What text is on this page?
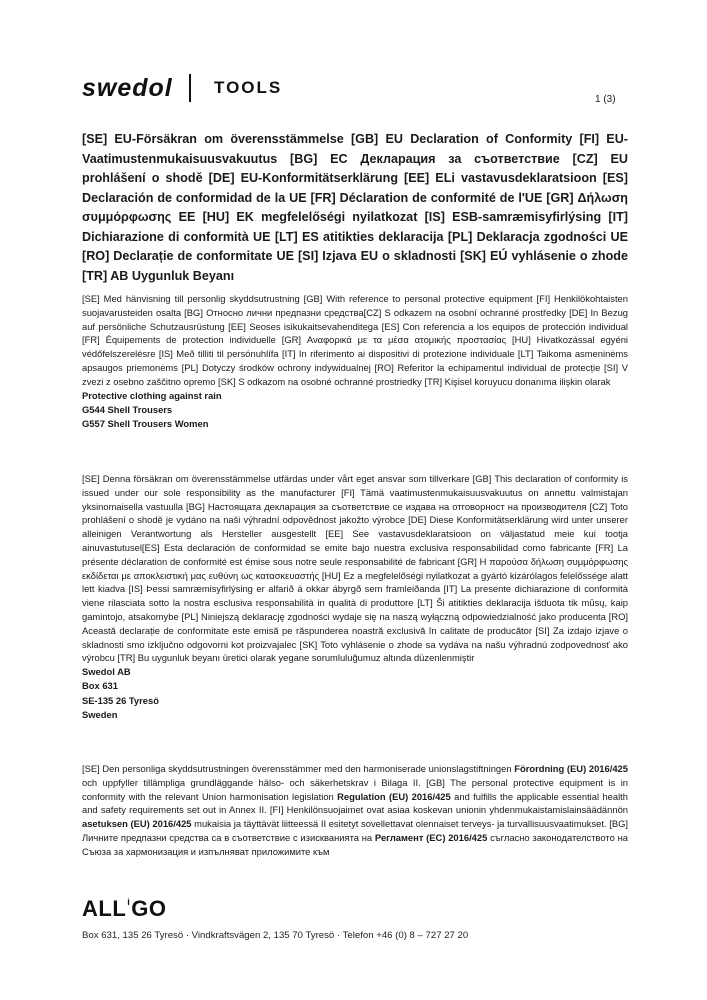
swedol TOOLS
1 (3)
[SE] EU-Försäkran om överensstämmelse [GB] EU Declaration of Conformity [FI] EU-Vaatimustenmukaisuusvakuutus [BG] ЕС Декларация за съответствие [CZ] EU prohlášení o shodě [DE] EU-Konformitätserklärung [EE] ELi vastavusdeklaratsioon [ES] Declaración de conformidad de la UE [FR] Déclaration de conformité de l'UE [GR] Δήλωση συμμόρφωσης ΕΕ [HU] EK megfelelőségi nyilatkozat [IS] ESB-samræmisyfirlýsing [IT] Dichiarazione di conformità UE [LT] ES atitikties deklaracija [PL] Deklaracja zgodności UE [RO] Declarație de conformitate UE [SI] Izjava EU o skladnosti [SK] EÚ vyhlásenie o zhode [TR] AB Uygunluk Beyanı
[SE] Med hänvisning till personlig skyddsutrustning [GB] With reference to personal protective equipment [FI] Henkilökohtaisten suojavarusteiden osalta [BG] Относно лични предпазни средства[CZ] S odkazem na osobní ochranné prostředky [DE] In Bezug auf persönliche Schutzausrüstung [EE] Seoses isikukaitsevahenditega [ES] Con referencia a los equipos de protección individual [FR] Équipements de protection individuelle [GR] Αναφορικά με τα μέσα ατομικής προστασίας [HU] Hivatkozással egyéni védőfelszerelésre [IS] Með tilliti til persónuhlífa [IT] In riferimento ai dispositivi di protezione individuale [LT] Taikoma asmeninėms apsaugos priemonėms [PL] Dotyczy środków ochrony indywidualnej [RO] Referitor la echipamentul individual de protecție [SI] V zvezi z osebno zaščitno opremo [SK] S odkazom na osobné ochranné prostriedky [TR] Kişisel koruyucu donanıma ilişkin olarak
Protective clothing against rain
G544 Shell Trousers
G557 Shell Trousers Women
[SE] Denna försäkran om överensstämmelse utfärdas under vårt eget ansvar som tillverkare [GB] This declaration of conformity is issued under our sole responsibility as the manufacturer [FI] Tämä vaatimustenmukaisuusvakuutus on annettu valmistajan yksinomaisella vastuulla [BG] Настоящата декларация за съответствие се издава на отговорност на производителя [CZ] Toto prohlášení o shodě je vydáno na naši výhradní odpovědnost jakožto výrobce [DE] Diese Konformitätserklärung wird unter unserer alleinigen Verantwortung als Hersteller ausgestellt [EE] See vastavusdeklaratsioon on väljastatud meie kui tootja ainuvastutusel[ES] Esta declaración de conformidad se emite bajo nuestra exclusiva responsabilidad como fabricante [FR] La présente déclaration de conformité est émise sous notre seule responsabilité de fabricant [GR] Η παρούσα δήλωση συμμόρφωσης εκδίδεται με αποκλειστική μας ευθύνη ως κατασκευαστής [HU] Ez a megfelelőségi nyilatkozat a gyártó kizárólagos felelőssége alatt lett kiadva [IS] Þessi samræmisyfirlýsing er alfarið á okkar ábyrgð sem framleiðanda [IT] La presente dichiarazione di conformità viene rilasciata sotto la nostra esclusiva responsabilità in qualità di produttore [LT] Ši atitikties deklaracija išduota tik mūsų, kaip gamintojo, atsakomybe [PL] Niniejszą deklarację zgodności wydaje się na naszą wyłączną odpowiedzialność jako producenta [RO] Această declarație de conformitate este emisă pe răspunderea noastră exclusivă în calitate de producător [SI] Za izdajo izjave o skladnosti smo izključno odgovorni kot proizvajalec [SK] Toto vyhlásenie o zhode sa vydáva na našu výhradnú zodpovednosť ako výrobcu [TR] Bu uygunluk beyanı üretici olarak yegane sorumluluğumuz altında düzenlenmiştir
Swedol AB
Box 631
SE-135 26 Tyresö
Sweden
[SE] Den personliga skyddsutrustningen överensstämmer med den harmoniserade unionslagstiftningen Förordning (EU) 2016/425 och uppfyller tillämpliga grundläggande hälso- och säkerhetskrav i Bilaga II. [GB] The personal protective equipment is in conformity with the relevant Union harmonisation legislation Regulation (EU) 2016/425 and fulfills the applicable essential health and safety requirements set out in Annex II. [FI] Henkilönsuojaimet ovat asiaa koskevan unionin yhdenmukaistamislainsäädännön asetuksen (EU) 2016/425 mukaisia ja täyttävät liitteessä II esitetyt sovellettavat olennaiset terveys- ja turvallisuusvaatimukset. [BG] Личните предпазни средства са в съответствие с изискванията на Регламент (ЕС) 2016/425 съгласно законодателството на Съюза за хармонизация и изпълняват приложимите към
ALL$^i$GO
Box 631, 135 26 Tyresö · Vindkraftsvägen 2, 135 70 Tyresö · Telefon +46 (0) 8 – 727 27 20
